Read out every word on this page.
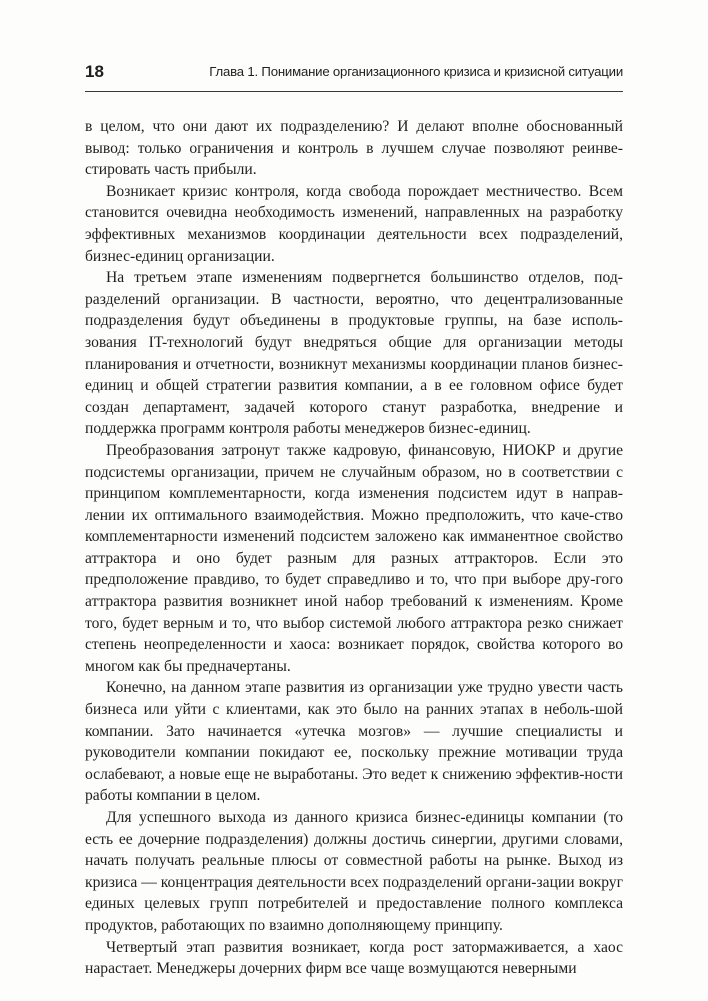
18	Глава 1. Понимание организационного кризиса и кризисной ситуации

в целом, что они дают их подразделению? И делают вполне обоснованный вывод: только ограничения и контроль в лучшем случае позволяют реинве-стировать часть прибыли.

Возникает кризис контроля, когда свобода порождает местничество. Всем становится очевидна необходимость изменений, направленных на разработку эффективных механизмов координации деятельности всех подразделений, бизнес-единиц организации.

На третьем этапе изменениям подвергнется большинство отделов, под-разделений организации. В частности, вероятно, что децентрализованные подразделения будут объединены в продуктовые группы, на базе исполь-зования IT-технологий будут внедряться общие для организации методы планирования и отчетности, возникнут механизмы координации планов бизнес-единиц и общей стратегии развития компании, а в ее головном офисе будет создан департамент, задачей которого станут разработка, внедрение и поддержка программ контроля работы менеджеров бизнес-единиц.

Преобразования затронут также кадровую, финансовую, НИОКР и другие подсистемы организации, причем не случайным образом, но в соответствии с принципом комплементарности, когда изменения подсистем идут в направ-лении их оптимального взаимодействия. Можно предположить, что каче-ство комплементарности изменений подсистем заложено как имманентное свойство аттрактора и оно будет разным для разных аттракторов. Если это предположение правдиво, то будет справедливо и то, что при выборе дру-гого аттрактора развития возникнет иной набор требований к изменениям. Кроме того, будет верным и то, что выбор системой любого аттрактора резко снижает степень неопределенности и хаоса: возникает порядок, свойства которого во многом как бы предначертаны.

Конечно, на данном этапе развития из организации уже трудно увести часть бизнеса или уйти с клиентами, как это было на ранних этапах в неболь-шой компании. Зато начинается «утечка мозгов» — лучшие специалисты и руководители компании покидают ее, поскольку прежние мотивации труда ослабевают, а новые еще не выработаны. Это ведет к снижению эффектив-ности работы компании в целом.

Для успешного выхода из данного кризиса бизнес-единицы компании (то есть ее дочерние подразделения) должны достичь синергии, другими словами, начать получать реальные плюсы от совместной работы на рынке. Выход из кризиса — концентрация деятельности всех подразделений органи-зации вокруг единых целевых групп потребителей и предоставление полного комплекса продуктов, работающих по взаимно дополняющему принципу.

Четвертый этап развития возникает, когда рост затормаживается, а хаос нарастает. Менеджеры дочерних фирм все чаще возмущаются неверными
